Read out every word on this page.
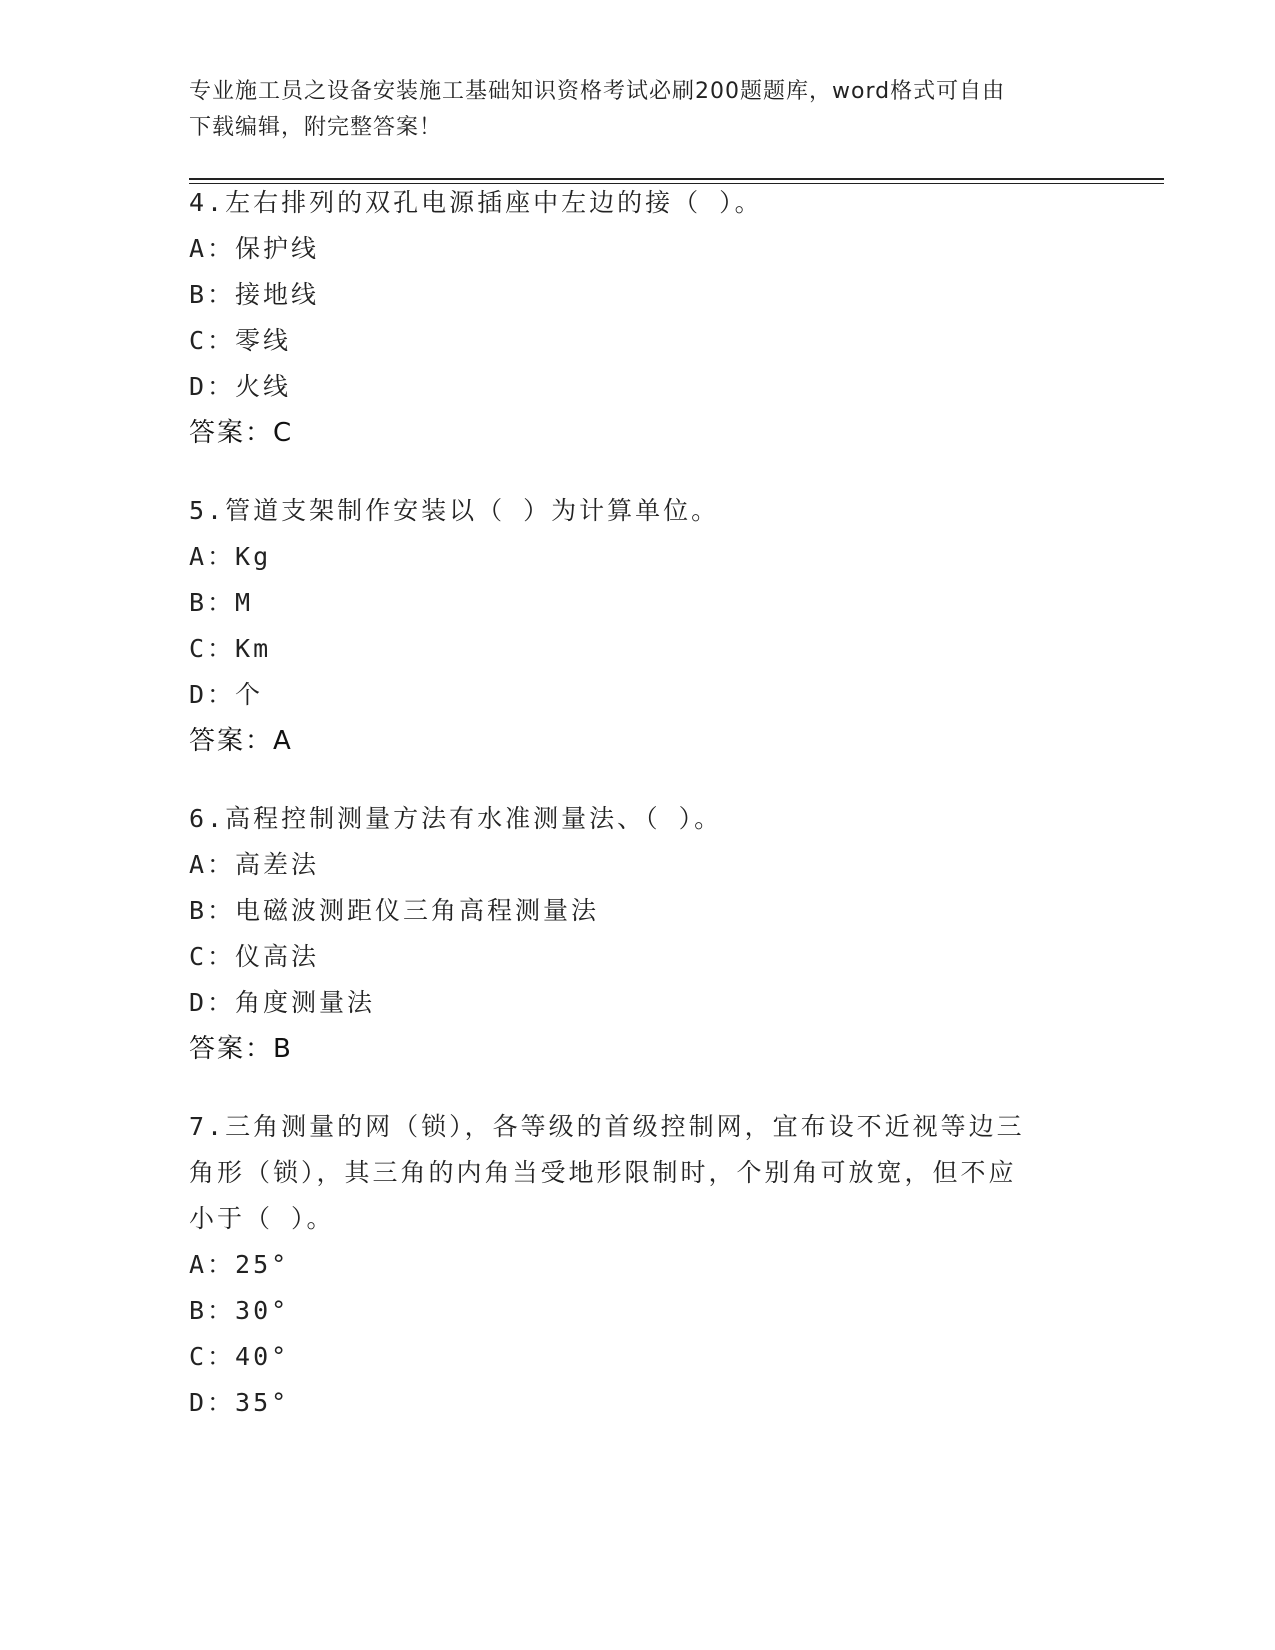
专业施工员之设备安装施工基础知识资格考试必刷200题题库，word格式可自由
下载编辑，附完整答案！
4.左右排列的双孔电源插座中左边的接（ ）。
A：保护线
B：接地线
C：零线
D：火线
答案：C
5.管道支架制作安装以（ ）为计算单位。
A：Kg
B：M
C：Km
D：个
答案：A
6.高程控制测量方法有水准测量法、（ ）。
A：高差法
B：电磁波测距仪三角高程测量法
C：仪高法
D：角度测量法
答案：B
7.三角测量的网（锁），各等级的首级控制网，宜布设不近视等边三
角形（锁），其三角的内角当受地形限制时，个别角可放宽，但不应
小于（ ）。
A：25°
B：30°
C：40°
D：35°
